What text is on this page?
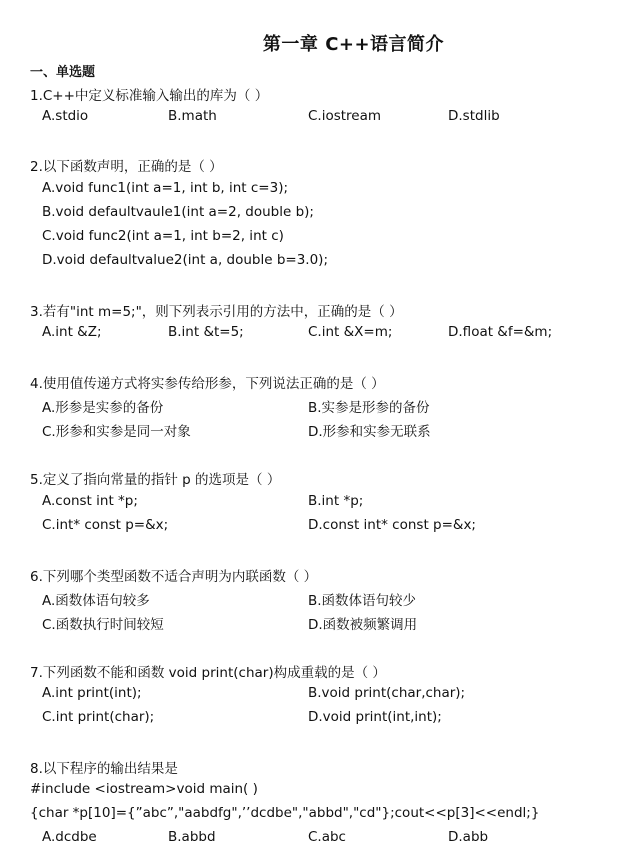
第一章 C++语言简介
一、单选题
1.C++中定义标准输入输出的库为（ ）
A.stdio	B.math	C.iostream	D.stdlib
2.以下函数声明，正确的是（ ）
A.void func1(int a=1, int b, int c=3);
B.void defaultvaule1(int a=2, double b);
C.void func2(int a=1, int b=2, int c)
D.void defaultvalue2(int a, double b=3.0);
3.若有"int m=5;"，则下列表示引用的方法中，正确的是（ ）
A.int &Z;	B.int &t=5;	C.int &X=m;	D.float &f=&m;
4.使用值传递方式将实参传给形参，下列说法正确的是（ ）
A.形参是实参的备份	B.实参是形参的备份
C.形参和实参是同一对象	D.形参和实参无联系
5.定义了指向常量的指针 p 的选项是（ ）
A.const int *p;	B.int *p;
C.int* const p=&x;	D.const int* const p=&x;
6.下列哪个类型函数不适合声明为内联函数（ ）
A.函数体语句较多	B.函数体语句较少
C.函数执行时间较短	D.函数被频繁调用
7.下列函数不能和函数 void print(char)构成重载的是（ ）
A.int print(int);	B.void print(char,char);
C.int print(char);	D.void print(int,int);
8.以下程序的输出结果是
#include <iostream>void main( )
{char *p[10]={”abc”,"aabdfg",’’dcdbe","abbd","cd"};cout<<p[3]<<endl;}
A.dcdbe	B.abbd	C.abc	D.abb
